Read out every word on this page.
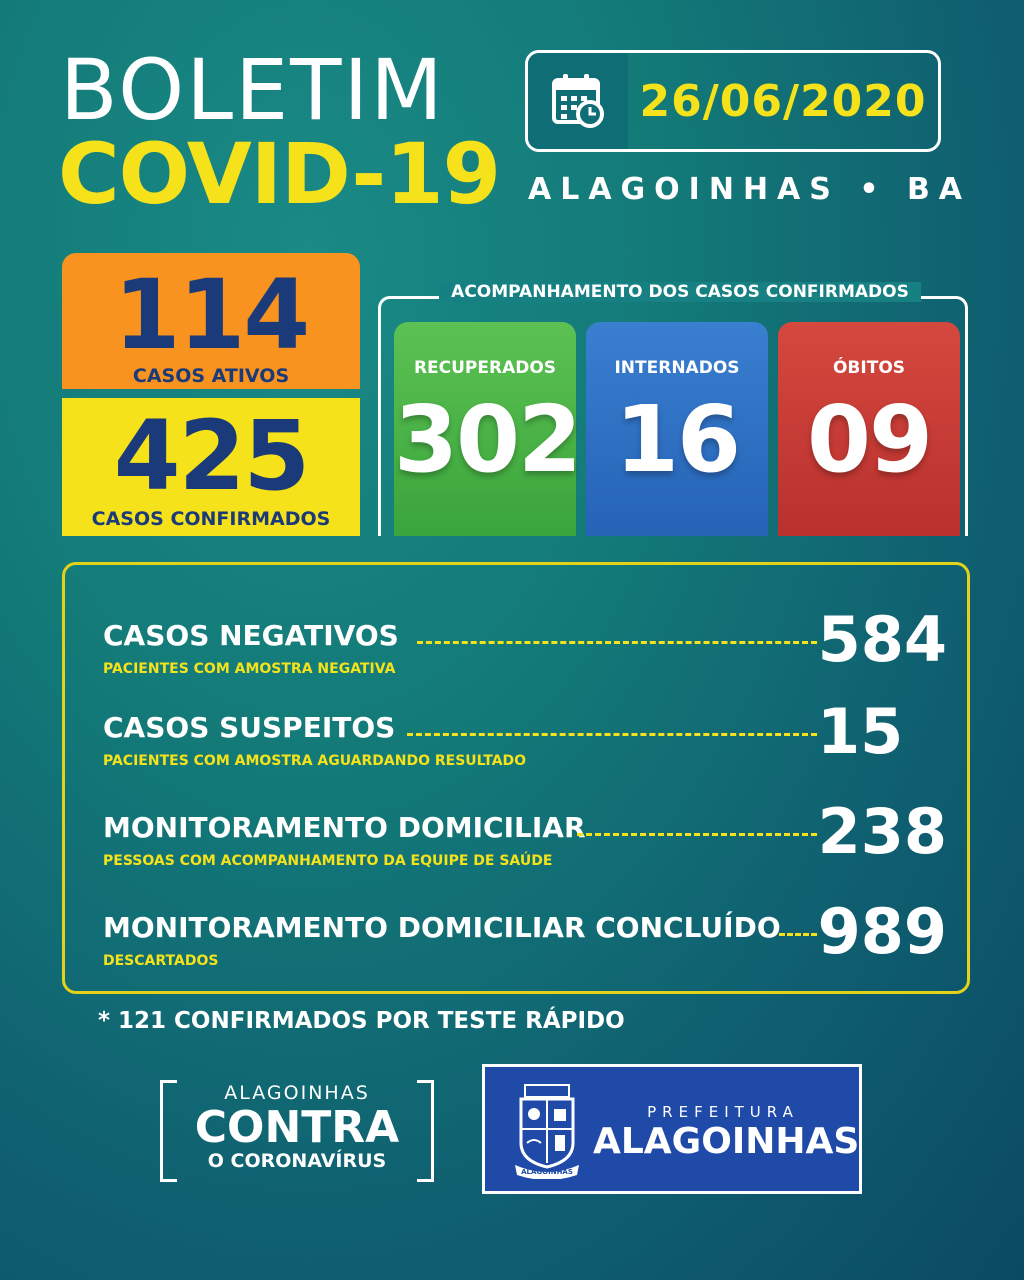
BOLETIM
COVID-19
26/06/2020
ALAGOINHAS • BA
114
CASOS ATIVOS
425
CASOS CONFIRMADOS
ACOMPANHAMENTO DOS CASOS CONFIRMADOS
RECUPERADOS
302
INTERNADOS
16
ÓBITOS
09
CASOS NEGATIVOS
PACIENTES COM AMOSTRA NEGATIVA	584
CASOS SUSPEITOS
PACIENTES COM AMOSTRA AGUARDANDO RESULTADO	15
MONITORAMENTO DOMICILIAR
PESSOAS COM ACOMPANHAMENTO DA EQUIPE DE SAÚDE	238
MONITORAMENTO DOMICILIAR CONCLUÍDO
DESCARTADOS	989
* 121 CONFIRMADOS POR TESTE RÁPIDO
ALAGOINHAS
CONTRA
O CORONAVÍRUS	ALAGOINHAS
PREFEITURA
ALAGOINHAS
